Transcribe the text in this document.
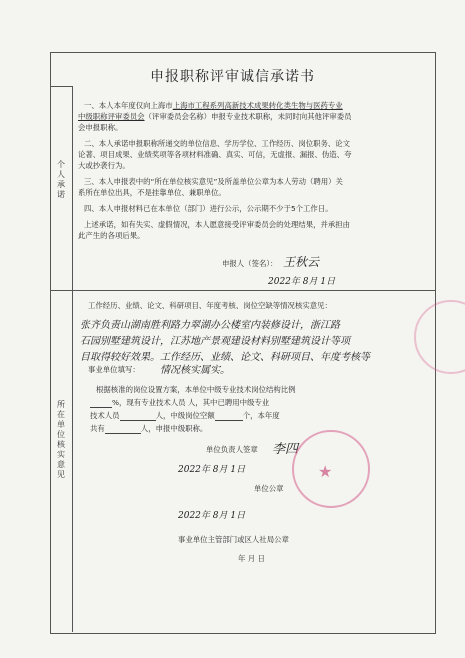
申报职称评审诚信承诺书
个人承诺
所在单位核实意见
一、本人本年度仅向上海市上海市工程系列高新技术成果转化类生物与医药专业
中级职称评审委员会（评审委员会名称）申报专业技术职称，未同时向其他评审委员
会申报职称。
二、本人承诺申报职称所递交的单位信息、学历学位、工作经历、岗位职务、论文
论著、项目成果、业绩奖项等各项材料准确、真实、可信，无虚报、漏报、伪造、夸
大或抄袭行为。
三、本人申报表中的“所在单位核实意见”及所盖单位公章为本人劳动（聘用）关
系所在单位出具，不是挂靠单位、兼职单位。
四、本人申报材料已在本单位（部门）进行公示，公示期不少于5个工作日。
上述承诺，如有失实、虚假情况，本人愿意接受评审委员会的处理结果，并承担由
此产生的各项后果。
申报人（签名）： 王秋云
2022年 8月 1日
工作经历、业绩、论文、科研项目、年度考核、岗位空缺等情况核实意见：
张齐负责山湖南胜利路力翠湖办公楼室内装修设计，浙江路
石园别墅建筑设计，江苏地产景观建设材料别墅建筑设计等项
目取得较好效果。工作经历、业绩、论文、科研项目、年度考核等
事业单位填写： 情况核实属实。
根据核准的岗位设置方案，本单位中级专业技术岗位结构比例
%，现有专业技术人员 人，其中已聘用中级专业
技术人员	人，中级岗位空额	个，本年度
共有	人，申报中级职称。
单位负责人签章 李四
2022年 8月 1日
单位公章
2022年 8月 1日
事业单位主管部门或区人社局公章
年 月 日
★
